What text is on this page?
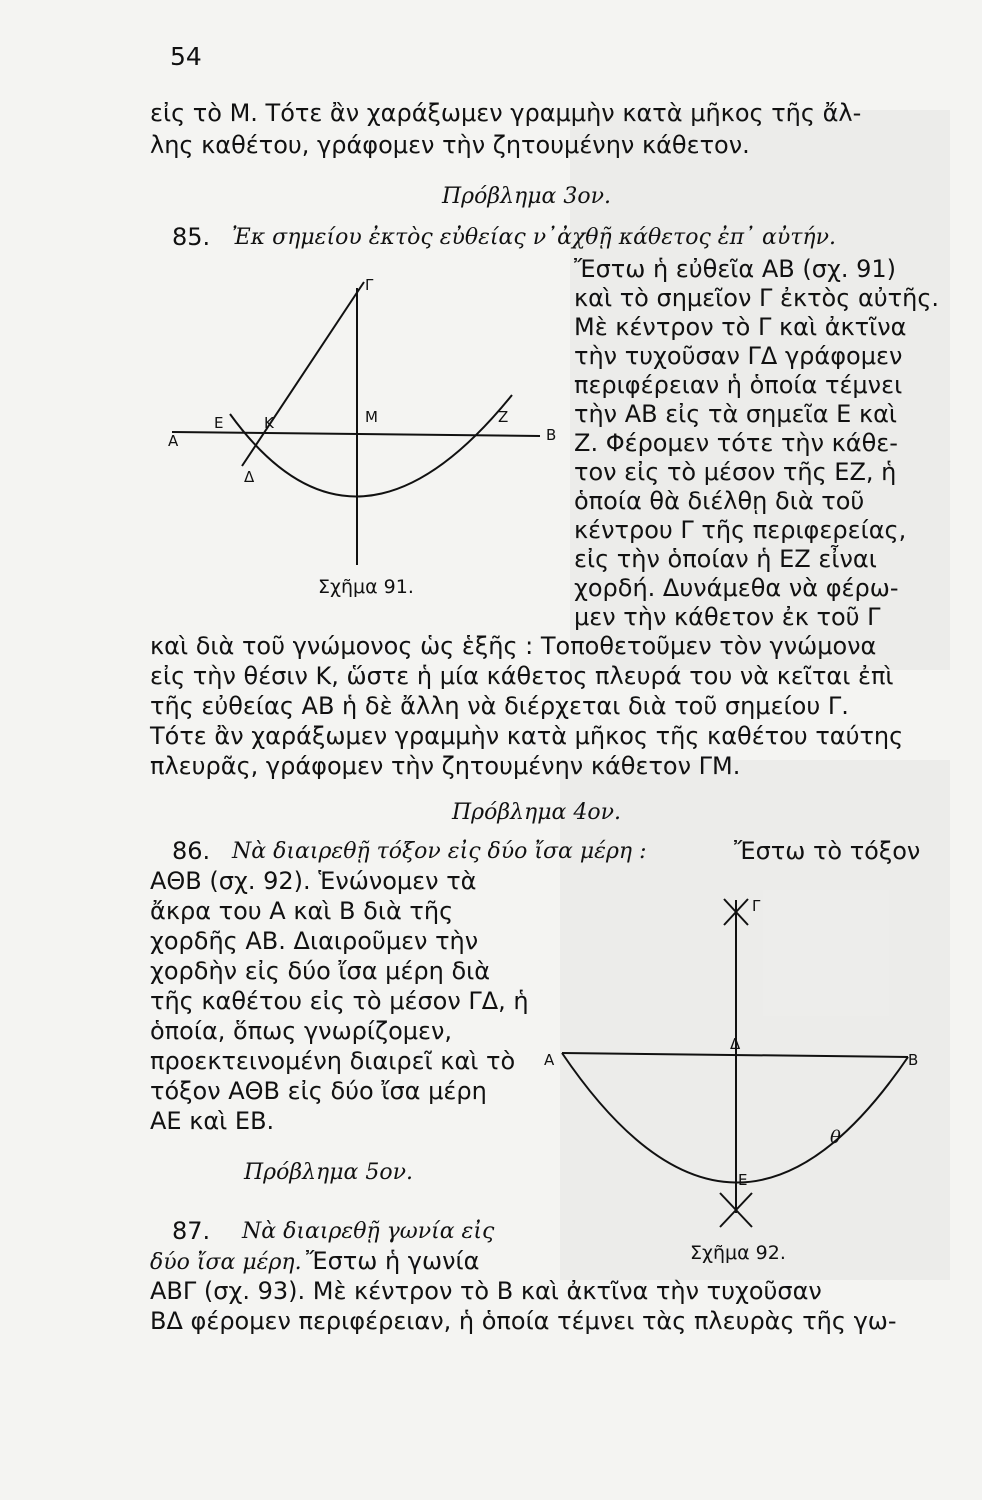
54
εἰς τὸ Μ. Τότε ἂν χαράξωμεν γραμμὴν κατὰ μῆκος τῆς ἄλ-
λης καθέτου, γράφομεν τὴν ζητουμένην κάθετον.
Πρόβλημα 3ον.
85. Ἐκ σημείου ἐκτὸς εὐθείας ν᾽ἀχθῇ κάθετος ἐπ᾽ αὐτήν.
Ἔστω ἡ εὐθεῖα ΑΒ (σχ. 91)
καὶ τὸ σημεῖον Γ ἐκτὸς αὐτῆς.
Μὲ κέντρον τὸ Γ καὶ ἀκτῖνα
τὴν τυχοῦσαν ΓΔ γράφομεν
περιφέρειαν ἡ ὁποία τέμνει
τὴν ΑΒ εἰς τὰ σημεῖα Ε καὶ
Ζ. Φέρομεν τότε τὴν κάθε-
τον εἰς τὸ μέσον τῆς ΕΖ, ἡ
ὁποία θὰ διέλθῃ διὰ τοῦ
κέντρου Γ τῆς περιφερείας,
εἰς τὴν ὁποίαν ἡ ΕΖ εἶναι
χορδή. Δυνάμεθα νὰ φέρω-
μεν τὴν κάθετον ἐκ τοῦ Γ
Γ
Α
Ε	Κ	Μ	Ζ
Β
Δ
Σχῆμα 91.
καὶ διὰ τοῦ γνώμονος ὡς ἑξῆς : Τοποθετοῦμεν τὸν γνώμονα
εἰς τὴν θέσιν Κ, ὥστε ἡ μία κάθετος πλευρά του νὰ κεῖται ἐπὶ
τῆς εὐθείας ΑΒ ἡ δὲ ἄλλη νὰ διέρχεται διὰ τοῦ σημείου Γ.
Τότε ἂν χαράξωμεν γραμμὴν κατὰ μῆκος τῆς καθέτου ταύτης
πλευρᾶς, γράφομεν τὴν ζητουμένην κάθετον ΓΜ.
Πρόβλημα 4ον.
86. Νὰ διαιρεθῇ τόξον εἰς δύο ἴσα μέρη :	Ἔστω τὸ τόξον
ΑΘΒ (σχ. 92). Ἑνώνομεν τὰ
ἄκρα του Α καὶ Β διὰ τῆς
χορδῆς ΑΒ. Διαιροῦμεν τὴν
χορδὴν εἰς δύο ἴσα μέρη διὰ
τῆς καθέτου εἰς τὸ μέσον ΓΔ, ἡ
ὁποία, ὅπως γνωρίζομεν,
προεκτεινομένη διαιρεῖ καὶ τὸ
τόξον ΑΘΒ εἰς δύο ἴσα μέρη
ΑΕ καὶ ΕΒ.
Γ
Α
Δ
Β
θ
Ε
Σχῆμα 92.
Πρόβλημα 5ον.
87. Νὰ διαιρεθῇ γωνία εἰς
δύο ἴσα μέρη. Ἔστω ἡ γωνία
ΑΒΓ (σχ. 93). Μὲ κέντρον τὸ Β καὶ ἀκτῖνα τὴν τυχοῦσαν
ΒΔ φέρομεν περιφέρειαν, ἡ ὁποία τέμνει τὰς πλευρὰς τῆς γω-
